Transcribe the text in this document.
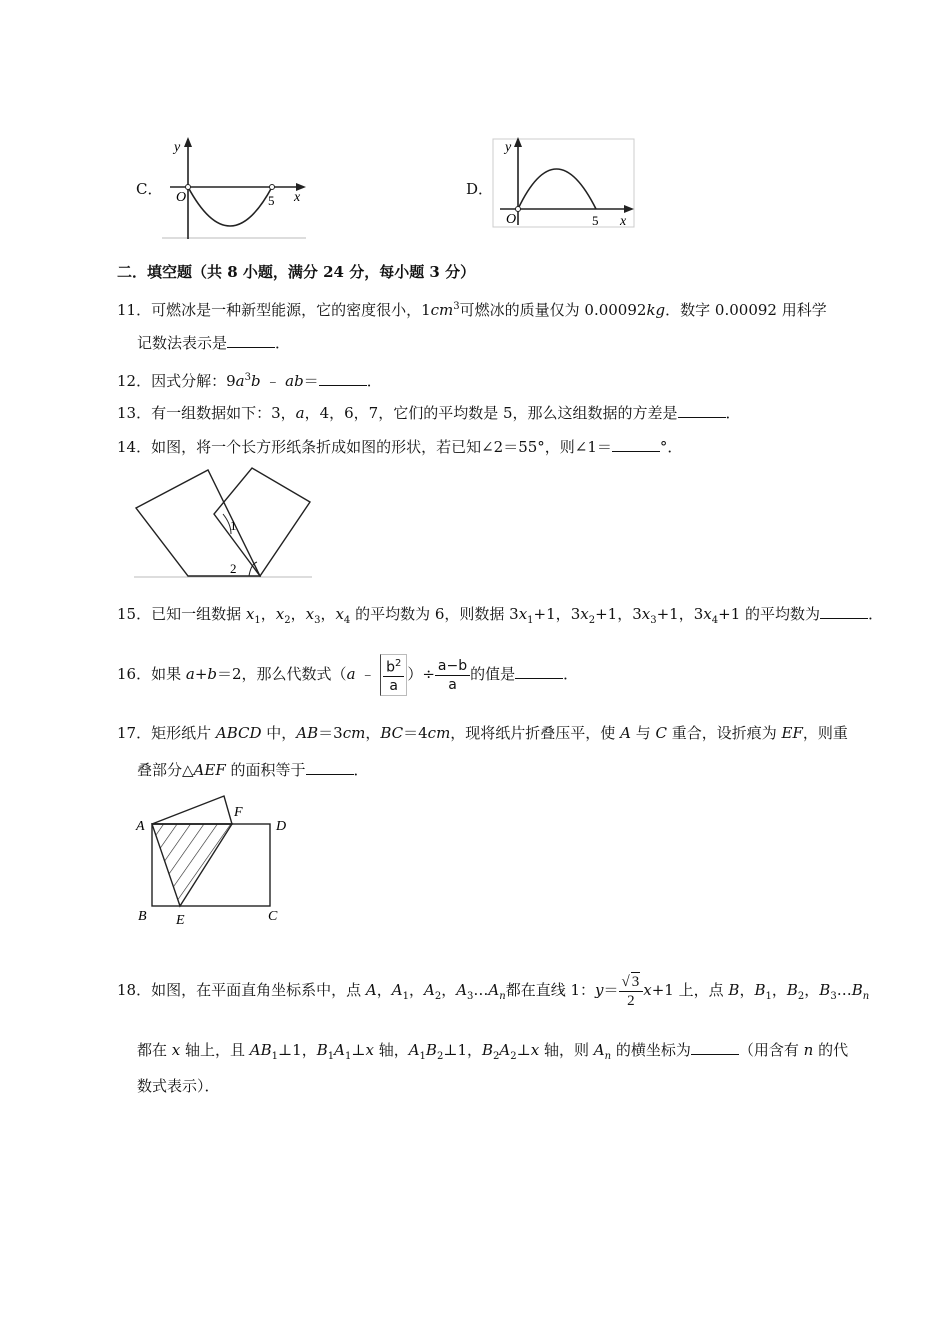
C．
y
O	5 x	D．
y
O	5 x
二．填空题（共 8 小题，满分 24 分，每小题 3 分）
11．可燃冰是一种新型能源，它的密度很小，$1cm^3$可燃冰的质量仅为 0.00092kg．数字 0.00092 用科学
记数法表示是	．
12．因式分解：$9a^3b$ ﹣ ab＝	．
13．有一组数据如下：3，a，4，6，7，它们的平均数是 5，那么这组数据的方差是	．
14．如图，将一个长方形纸条折成如图的形状，若已知∠2＝55°，则∠1＝	°．
1
2
15．已知一组数据 $x_1$，$x_2$，$x_3$，$x_4$ 的平均数为 6，则数据 $3x_1+1$，$3x_2+1$，$3x_3+1$，$3x_4+1$ 的平均数为	．
16．如果 a+b＝2，那么代数式（a ﹣ $\frac{b^2}{a}$ ）÷ $\frac{a-b}{a}$ 的值是	．
17．矩形纸片 ABCD 中，AB＝3cm，BC＝4cm，现将纸片折叠压平，使 A 与 C 重合，设折痕为 EF，则重
叠部分△AEF 的面积等于	．
A
B	C
D
E
F
18．如图，在平面直角坐标系中，点 A，$A_1$，$A_2$，$A_3\dots A_n$都在直线 1：$y= \frac{√ 3}{2} x+1$ 上，点 B，$B_1$，$B_2$，$B_3\dots B_n$
都在 x 轴上，且 $AB_1\perp 1$，$B_1A_1\perp x$ 轴，$A_1B_2\perp 1$，$B_2A_2\perp x$ 轴，则 $A_n$ 的横坐标为	（用含有 n 的代
数式表示）．
